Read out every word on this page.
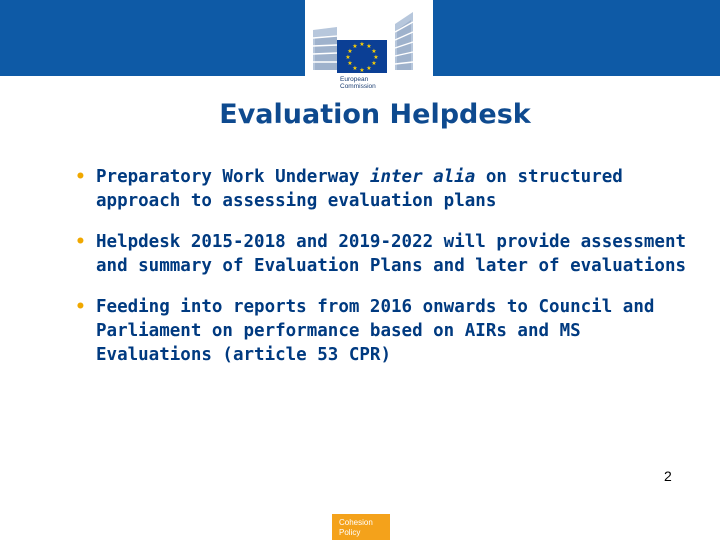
★ ★
★
★
★
★
★
★
★
★
★
★
European
Commission
Evaluation Helpdesk
• Preparatory Work Underway inter alia on structured approach to assessing evaluation plans
• Helpdesk 2015-2018 and 2019-2022 will provide assessment and summary of Evaluation Plans and later of evaluations
• Feeding into reports from 2016 onwards to Council and Parliament on performance based on AIRs and MS Evaluations (article 53 CPR)
2
Cohesion
Policy
